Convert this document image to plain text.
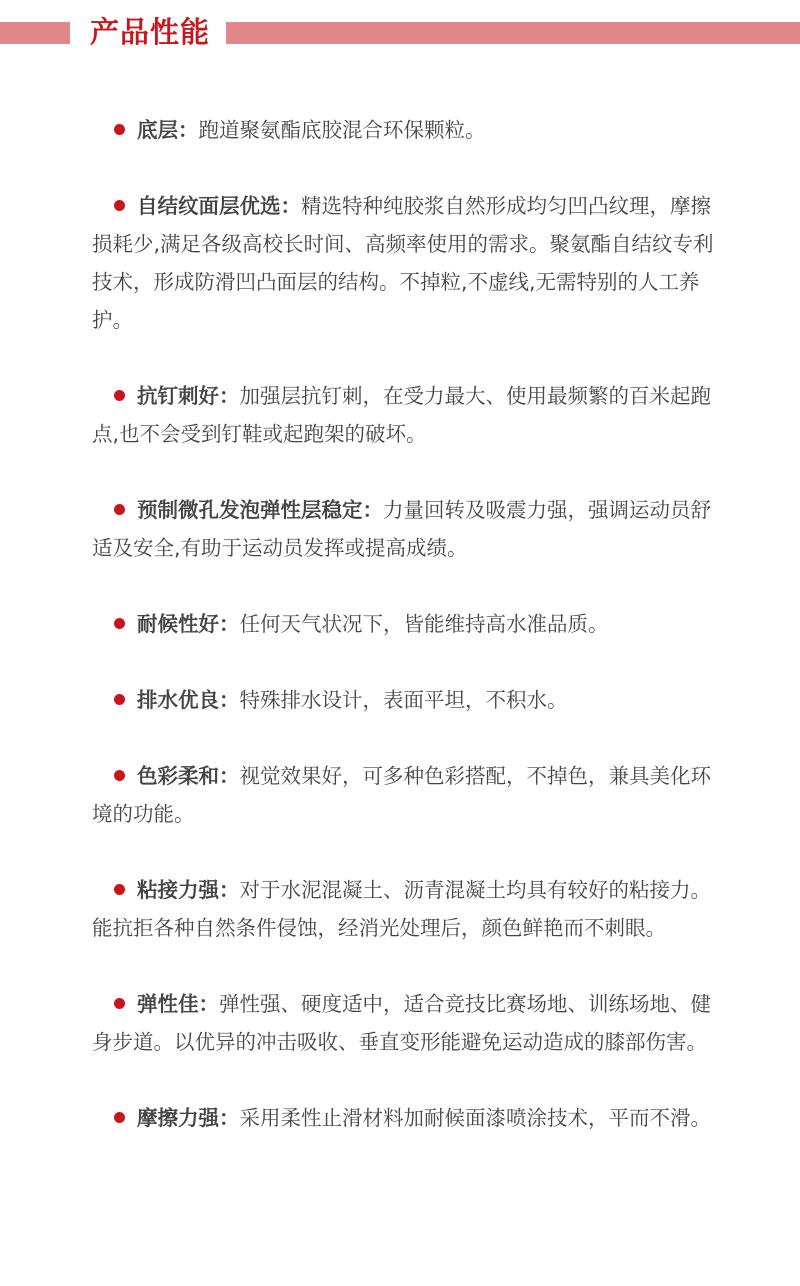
产品性能
底层：跑道聚氨酯底胶混合环保颗粒。
自结纹面层优选：精选特种纯胶浆自然形成均匀凹凸纹理，摩擦损耗少,满足各级高校长时间、高频率使用的需求。聚氨酯自结纹专利技术，形成防滑凹凸面层的结构。不掉粒,不虚线,无需特别的人工养护。
抗钉刺好：加强层抗钉刺，在受力最大、使用最频繁的百米起跑点,也不会受到钉鞋或起跑架的破坏。
预制微孔发泡弹性层稳定：力量回转及吸震力强，强调运动员舒适及安全,有助于运动员发挥或提高成绩。
耐候性好：任何天气状况下，皆能维持高水准品质。
排水优良：特殊排水设计，表面平坦，不积水。
色彩柔和：视觉效果好，可多种色彩搭配，不掉色，兼具美化环境的功能。
粘接力强：对于水泥混凝土、沥青混凝土均具有较好的粘接力。能抗拒各种自然条件侵蚀，经消光处理后，颜色鲜艳而不刺眼。
弹性佳：弹性强、硬度适中，适合竞技比赛场地、训练场地、健身步道。以优异的冲击吸收、垂直变形能避免运动造成的膝部伤害。
摩擦力强：采用柔性止滑材料加耐候面漆喷涂技术，平而不滑。
